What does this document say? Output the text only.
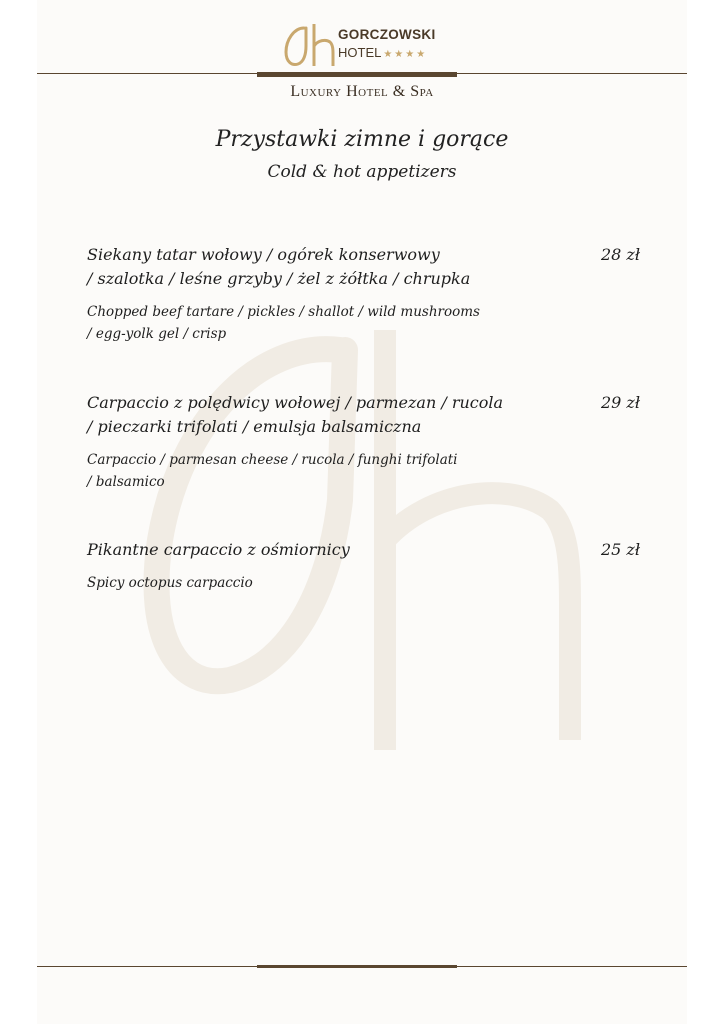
GORCZOWSKI
HOTEL ★★★★
Luxury Hotel & Spa
Przystawki zimne i gorące
Cold & hot appetizers
Siekany tatar wołowy / ogórek konserwowy
/ szalotka / leśne grzyby / żel z żółtka / chrupka
Chopped beef tartare / pickles / shallot / wild mushrooms
/ egg-yolk gel / crisp
28 zł
Carpaccio z polędwicy wołowej / parmezan / rucola
/ pieczarki trifolati / emulsja balsamiczna
Carpaccio / parmesan cheese / rucola / funghi trifolati
/ balsamico
29 zł
Pikantne carpaccio z ośmiornicy
Spicy octopus carpaccio
25 zł
